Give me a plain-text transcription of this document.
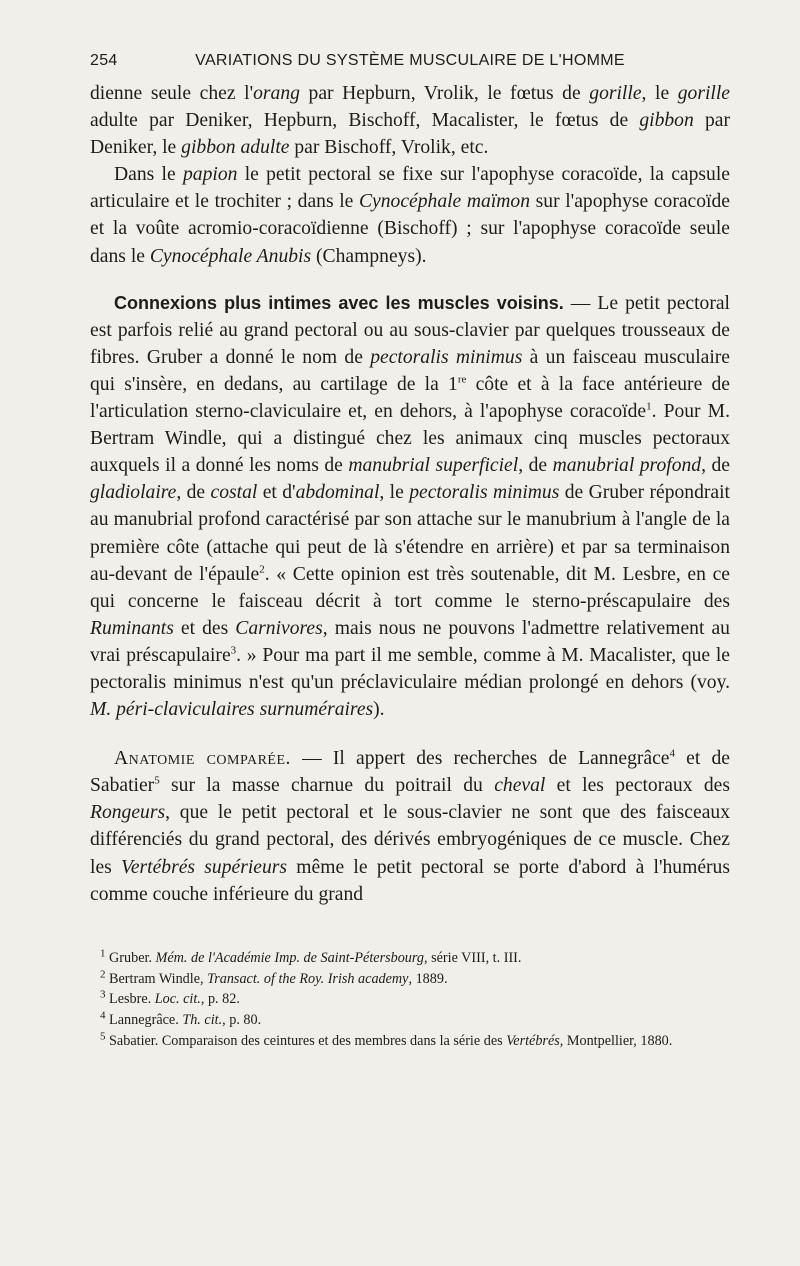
254	VARIATIONS DU SYSTÈME MUSCULAIRE DE L'HOMME

dienne seule chez l'orang par Hepburn, Vrolik, le fœtus de gorille, le gorille adulte par Deniker, Hepburn, Bischoff, Macalister, le fœtus de gibbon par Deniker, le gibbon adulte par Bischoff, Vrolik, etc.

Dans le papion le petit pectoral se fixe sur l'apophyse coracoïde, la capsule articulaire et le trochiter ; dans le Cynocéphale maïmon sur l'apophyse coracoïde et la voûte acromio-coracoïdienne (Bischoff) ; sur l'apophyse coracoïde seule dans le Cynocéphale Anubis (Champneys).

Connexions plus intimes avec les muscles voisins. — Le petit pectoral est parfois relié au grand pectoral ou au sous-clavier par quelques trousseaux de fibres. Gruber a donné le nom de pectoralis minimus à un faisceau musculaire qui s'insère, en dedans, au cartilage de la 1re côte et à la face antérieure de l'articulation sterno-claviculaire et, en dehors, à l'apophyse coracoïde$^1$. Pour M. Bertram Windle, qui a distingué chez les animaux cinq muscles pectoraux auxquels il a donné les noms de manubrial superficiel, de manubrial profond, de gladiolaire, de costal et d'abdominal, le pectoralis minimus de Gruber répondrait au manubrial profond caractérisé par son attache sur le manubrium à l'angle de la première côte (attache qui peut de là s'étendre en arrière) et par sa terminaison au-devant de l'épaule$^2$. « Cette opinion est très soutenable, dit M. Lesbre, en ce qui concerne le faisceau décrit à tort comme le sterno-préscapulaire des Ruminants et des Carnivores, mais nous ne pouvons l'admettre relativement au vrai préscapulaire$^3$. » Pour ma part il me semble, comme à M. Macalister, que le pectoralis minimus n'est qu'un préclaviculaire médian prolongé en dehors (voy. M. péri-claviculaires surnuméraires).

Anatomie comparée. — Il appert des recherches de Lannegrâce$^4$ et de Sabatier$^5$ sur la masse charnue du poitrail du cheval et les pectoraux des Rongeurs, que le petit pectoral et le sous-clavier ne sont que des faisceaux différenciés du grand pectoral, des dérivés embryogéniques de ce muscle. Chez les Vertébrés supérieurs même le petit pectoral se porte d'abord à l'humérus comme couche inférieure du grand

$^1$ Gruber. Mém. de l'Académie Imp. de Saint-Pétersbourg, série VIII, t. III.

$^2$ Bertram Windle, Transact. of the Roy. Irish academy, 1889.

$^3$ Lesbre. Loc. cit., p. 82.

$^4$ Lannegrâce. Th. cit., p. 80.

$^5$ Sabatier. Comparaison des ceintures et des membres dans la série des Vertébrés, Montpellier, 1880.
